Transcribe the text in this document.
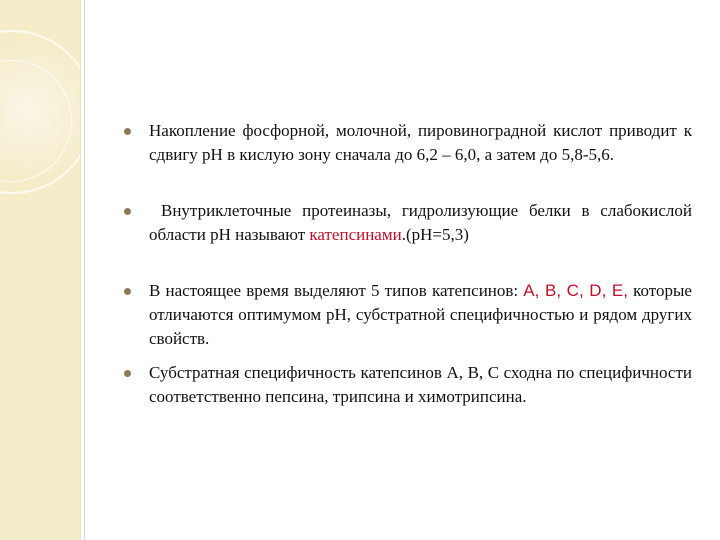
Накопление фосфорной, молочной, пировиноградной кислот приводит к сдвигу pH в кислую зону сначала до 6,2 – 6,0, а затем до 5,8-5,6.
Внутриклеточные протеиназы, гидролизующие белки в слабокислой области pH называют катепсинами.(pH=5,3)
В настоящее время выделяют 5 типов катепсинов: А, В, С, D, Е, которые отличаются оптимумом pH, субстратной специфичностью и рядом других свойств.
Субстратная специфичность катепсинов А, В, С сходна по специфичности соответственно пепсина, трипсина и химотрипсина.
